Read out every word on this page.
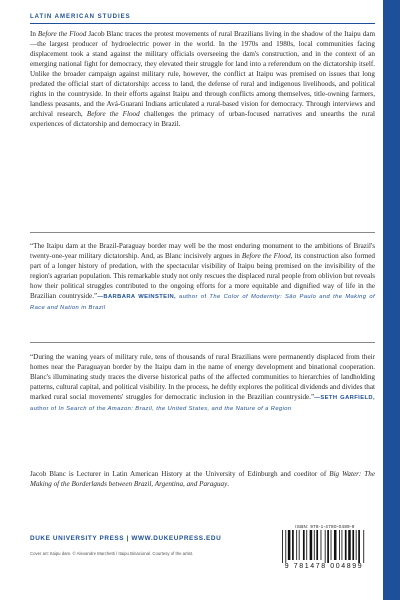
LATIN AMERICAN STUDIES

In Before the Flood Jacob Blanc traces the protest movements of rural Brazilians living in the shadow of the Itaipu dam—the largest producer of hydroelectric power in the world. In the 1970s and 1980s, local communities facing displacement took a stand against the military officials overseeing the dam's construction, and in the context of an emerging national fight for democracy, they elevated their struggle for land into a referendum on the dictatorship itself. Unlike the broader campaign against military rule, however, the conflict at Itaipu was premised on issues that long predated the official start of dictatorship: access to land, the defense of rural and indigenous livelihoods, and political rights in the countryside. In their efforts against Itaipu and through conflicts among themselves, title-owning farmers, landless peasants, and the Avá-Guarani Indians articulated a rural-based vision for democracy. Through interviews and archival research, Before the Flood challenges the primacy of urban-focused narratives and unearths the rural experiences of dictatorship and democracy in Brazil.

“The Itaipu dam at the Brazil-Paraguay border may well be the most enduring monument to the ambitions of Brazil's twenty-one-year military dictatorship. And, as Blanc incisively argues in Before the Flood, its construction also formed part of a longer history of predation, with the spectacular visibility of Itaipu being premised on the invisibility of the region's agrarian population. This remarkable study not only rescues the displaced rural people from oblivion but reveals how their political struggles contributed to the ongoing efforts for a more equitable and dignified way of life in the Brazilian countryside.”—BARBARA WEINSTEIN, author of The Color of Modernity: São Paulo and the Making of Race and Nation in Brazil

“During the waning years of military rule, tens of thousands of rural Brazilians were permanently displaced from their homes near the Paraguayan border by the Itaipu dam in the name of energy development and binational cooperation. Blanc's illuminating study traces the diverse historical paths of the affected communities to hierarchies of landholding patterns, cultural capital, and political visibility. In the process, he deftly explores the political dividends and divides that marked rural social movements' struggles for democratic inclusion in the Brazilian countryside.”—SETH GARFIELD, author of In Search of the Amazon: Brazil, the United States, and the Nature of a Region

Jacob Blanc is Lecturer in Latin American History at the University of Edinburgh and coeditor of Big Water: The Making of the Borderlands between Brazil, Argentina, and Paraguay.

DUKE UNIVERSITY PRESS | WWW.DUKEUPRESS.EDU
Cover art: Itaipu dam. © Alexandre Marchetti / Itaipu Binacional. Courtesy of the artist.
ISBN: 978-1-4780-0489-9
9 781478 004899
